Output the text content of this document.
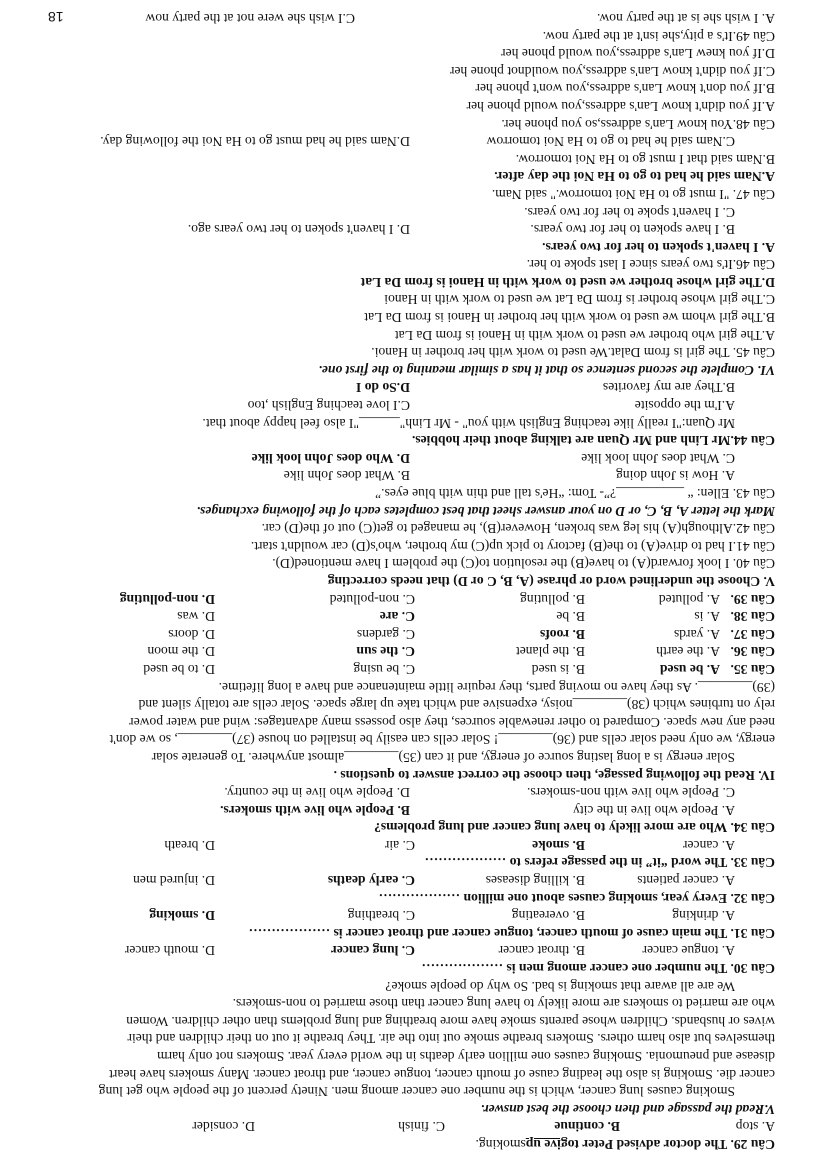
Câu 29. The doctor advised Peter togive upsmoking.
A. stop
B. continue
C. finish
D. consider
V.Read the passage and then choose the best answer.
Smoking causes lung cancer, which is the number one cancer among men. Ninety percent of the people who get lung
cancer die. Smoking is also the leading cause of mouth cancer, tongue cancer, and throat cancer. Many smokers have heart
disease and pneumonia. Smoking causes one million early deaths in the world every year. Smokers not only harm
themselves but also harm others. Smokers breathe smoke out into the air. They breathe it out on their children and their
wives or husbands. Children whose parents smoke have more breathing and lung problems than other children. Women
who are married to smokers are more likely to have lung cancer than those married to non-smokers.
We are all aware that smoking is bad. So why do people smoke?
Câu 30. The number one cancer among men is ………………
A. tongue cancer
B. throat cancer
C. lung cancer
D. mouth cancer
Câu 31. The main cause of mouth cancer, tongue cancer and throat cancer is ………………
A. drinking
B. overeating
C. breathing
D. smoking
Câu 32. Every year, smoking causes about one million ………………
A. cancer patients
B. killing diseases
C. early deaths
D. injured men
Câu 33. The word “it” in the passage refers to ………………
A. cancer
B. smoke
C. air
D. breath
Câu 34. Who are more likely to have lung cancer and lung problems?
A. People who live in the city
B. People who live with smokers.
C. People who live with non-smokers.
D. People who live in the country.
IV. Read the following passage, then choose the correct answer to questions .
Solar energy is a long lasting source of energy, and it can (35)________almost anywhere. To generate solar
energy, we only need solar cells and (36)________! Solar cells can easily be installed on house (37)________, so we don't
need any new space. Compared to other renewable sources, they also possess many advantages: wind and water power
rely on turbines which (38)________noisy, expensive and which take up large space. Solar cells are totally silent and
(39)________. As they have no moving parts, they require little maintenance and have a long lifetime.
Câu 35.
A. be used
B. is used
C. be using
D. to be used
Câu 36.
A. the earth
B. the planet
C. the sun
D. the moon
Câu 37.
A. yards
B. roofs
C. gardens
D. doors
Câu 38.
A. is
B. be
C. are
D. was
Câu 39.
A. polluted
B. polluting
C. non-polluted
D. non-polluting
V. Choose the underlined word or phrase (A, B, C or D) that needs correcting
Câu 40. I look forward(A) to have(B) the resolution to(C) the problem I have mentioned(D).
Câu 41.I had to drive(A) to the(B) factory to pick up(C) my brother, who's(D) car wouldn't start.
Câu 42.Although(A) his leg was broken, However(B), he managed to get(C) out of the(D) car.
Mark the letter A, B, C, or D on your answer sheet that best completes each of the following exchanges.
Câu 43. Ellen: “ __________?”- Tom: “He's tall and thin with blue eyes.”
A. How is John doing
B. What does John like
C. What does John look like
D. Who does John look like
Câu 44.Mr Linh and Mr Quan are talking about their hobbies.
Mr Quan:"I really like teaching English with you" - Mr Linh"______"I also feel happy about that.
A.I'm the opposite
C.I love teaching English ,too
B.They are my favorites
D.So do I
VI. Complete the second sentence so that it has a similar meaning to the first one.
Câu 45. The girl is from Dalat.We used to work with her brother in Hanoi.
A.The girl who brother we used to work with in Hanoi is from Da Lat
B.The girl whom we used to work with her brother in Hanoi is from Da Lat
C.The girl whose brother is from Da Lat we used to work with in Hanoi
D.The girl whose brother we used to work with in Hanoi is from Da Lat
Câu 46.It's two years since I last spoke to her.
A. I haven't spoken to her for two years.
B. I have spoken to her for two years.
D. I haven't spoken to her two years ago.
C. I haven't spoke to her for two years.
Câu 47. "I must go to Ha Noi tomorrow." said Nam.
A.Nam said he had to go to Ha Noi the day after.
B.Nam said that I must go to Ha Noi tomorrow.
C.Nam said he had to go to Ha Noi tomorrow
D.Nam said he had must go to Ha Noi the following day.
Câu 48.You know Lan's address,so you phone her.
A.If you didn't know Lan's address,you would phone her
B.If you don't know Lan's address,you won't phone her
C.If you didn't know Lan's address,you wouldnot phone her
D.If you knew Lan's address,you would phone her
Câu 49.It's a pity,she isn't at the party now.
A. I wish she is at the party now.
C.I wish she were not at the party now
18
